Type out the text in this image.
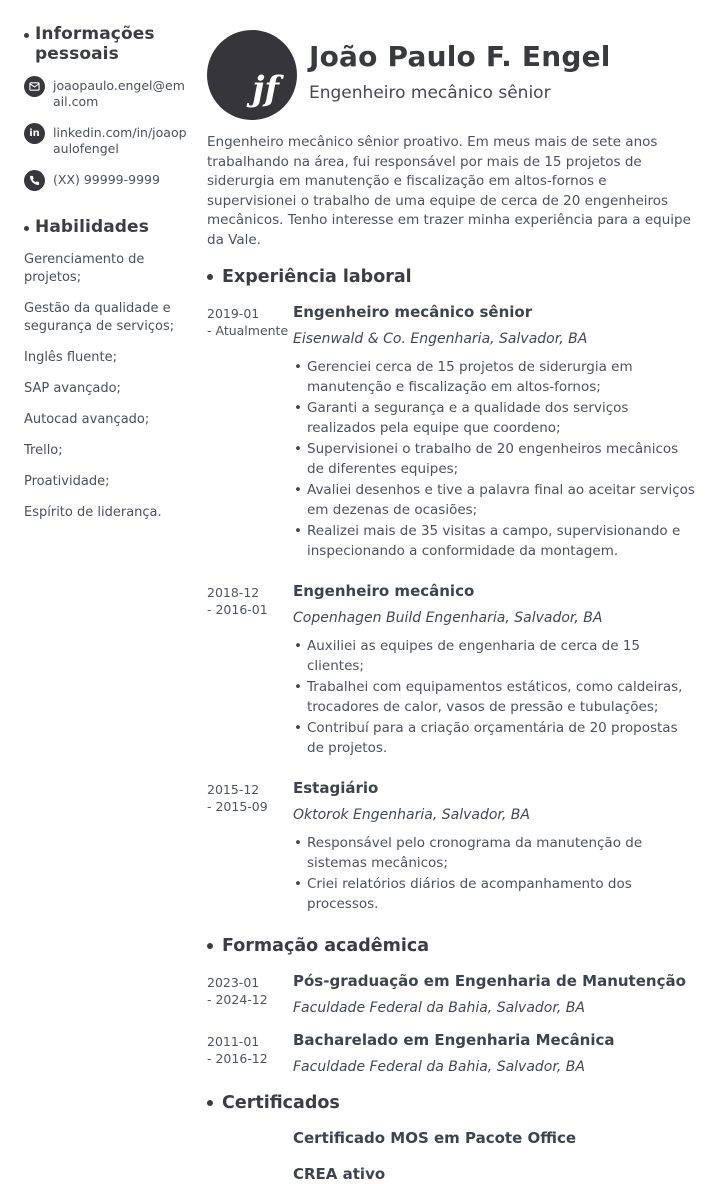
Informações pessoais
joaopaulo.engel@email.com
in linkedin.com/in/joaopaulofengel
(XX) 99999-9999
Habilidades
Gerenciamento de projetos;
Gestão da qualidade e segurança de serviços;
Inglês fluente;
SAP avançado;
Autocad avançado;
Trello;
Proatividade;
Espírito de liderança.
jf
João Paulo F. Engel
Engenheiro mecânico sênior

Engenheiro mecânico sênior proativo. Em meus mais de sete anos trabalhando na área, fui responsável por mais de 15 projetos de siderurgia em manutenção e fiscalização em altos-fornos e supervisionei o trabalho de uma equipe de cerca de 20 engenheiros mecânicos. Tenho interesse em trazer minha experiência para a equipe da Vale.

Experiência laboral
2019-01
- Atualmente
Engenheiro mecânico sênior
Eisenwald & Co. Engenharia, Salvador, BA
• Gerenciei cerca de 15 projetos de siderurgia em manutenção e fiscalização em altos-fornos;
• Garanti a segurança e a qualidade dos serviços realizados pela equipe que coordeno;
• Supervisionei o trabalho de 20 engenheiros mecânicos de diferentes equipes;
• Avaliei desenhos e tive a palavra final ao aceitar serviços em dezenas de ocasiões;
• Realizei mais de 35 visitas a campo, supervisionando e inspecionando a conformidade da montagem.
2018-12
- 2016-01
Engenheiro mecânico
Copenhagen Build Engenharia, Salvador, BA
• Auxiliei as equipes de engenharia de cerca de 15 clientes;
• Trabalhei com equipamentos estáticos, como caldeiras, trocadores de calor, vasos de pressão e tubulações;
• Contribuí para a criação orçamentária de 20 propostas de projetos.
2015-12
- 2015-09
Estagiário
Oktorok Engenharia, Salvador, BA
• Responsável pelo cronograma da manutenção de sistemas mecânicos;
• Criei relatórios diários de acompanhamento dos processos.
Formação acadêmica
2023-01
- 2024-12
Pós-graduação em Engenharia de Manutenção
Faculdade Federal da Bahia, Salvador, BA
2011-01
- 2016-12
Bacharelado em Engenharia Mecânica
Faculdade Federal da Bahia, Salvador, BA
Certificados
Certificado MOS em Pacote Office
CREA ativo
